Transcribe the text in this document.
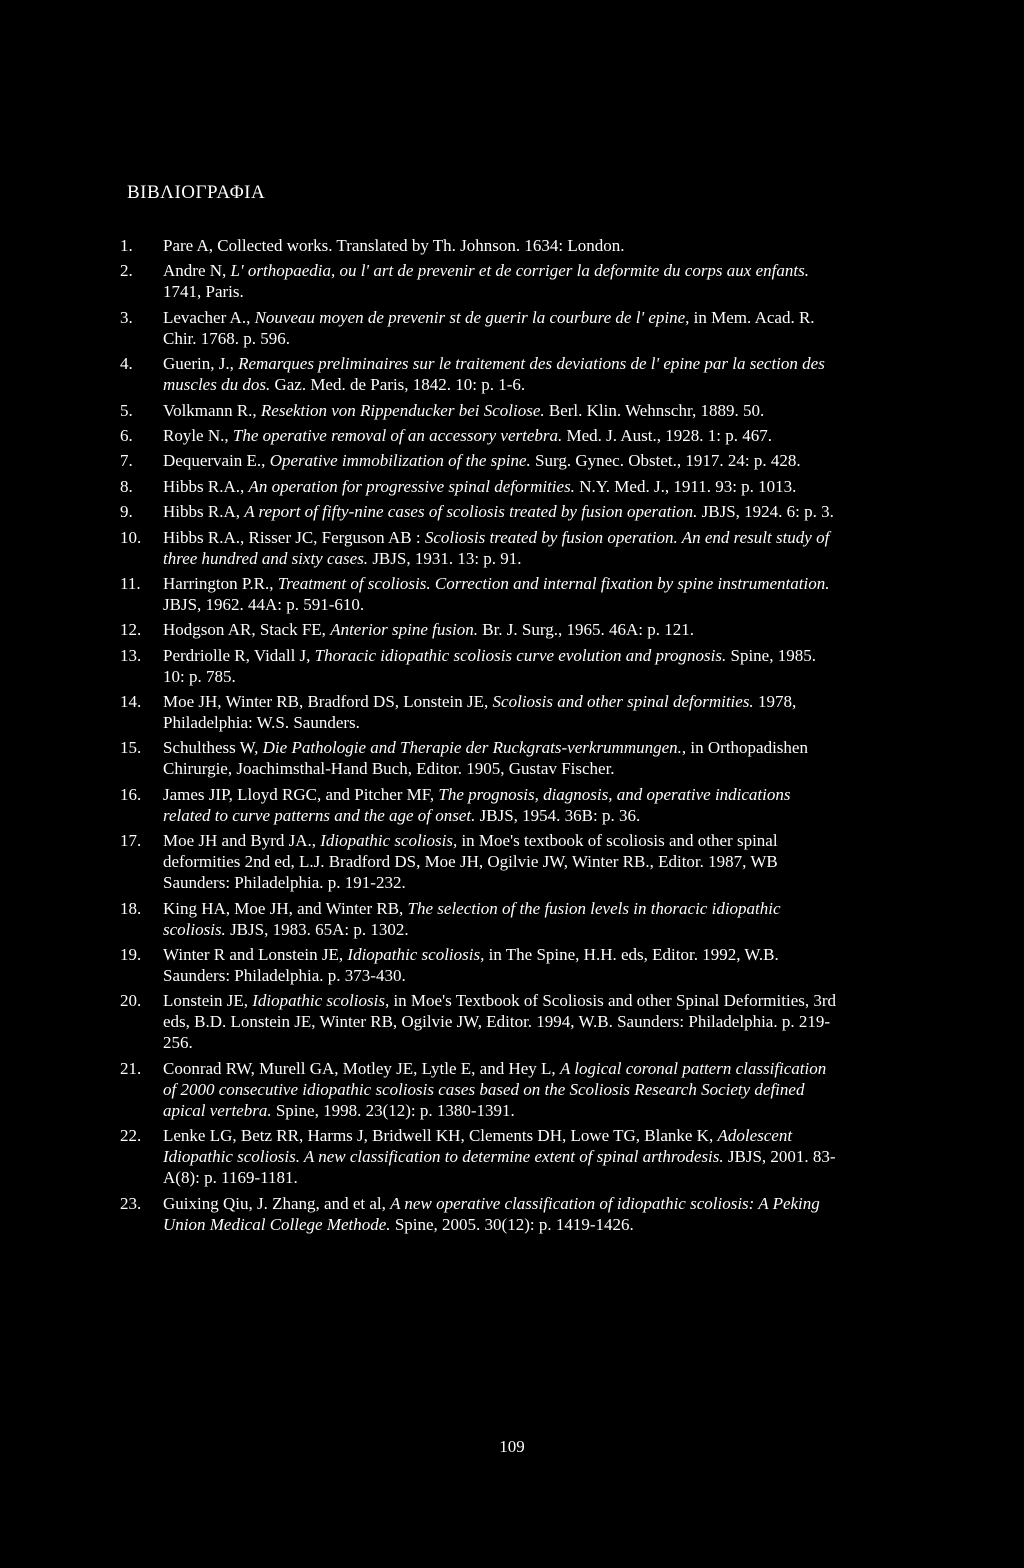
ΒΙΒΛΙΟΓΡΑΦΙΑ
1.	Pare A, Collected works. Translated by Th. Johnson. 1634: London.
2.	Andre N, L' orthopaedia, ou l' art de prevenir et de corriger la deformite du corps aux enfants. 1741, Paris.
3.	Levacher A., Nouveau moyen de prevenir st de guerir la courbure de l' epine, in Mem. Acad. R. Chir. 1768. p. 596.
4.	Guerin, J., Remarques preliminaires sur le traitement des deviations de l' epine par la section des muscles du dos. Gaz. Med. de Paris, 1842. 10: p. 1-6.
5.	Volkmann R., Resektion von Rippenducker bei Scoliose. Berl. Klin. Wehnschr, 1889. 50.
6.	Royle N., The operative removal of an accessory vertebra. Med. J. Aust., 1928. 1: p. 467.
7.	Dequervain E., Operative immobilization of the spine. Surg. Gynec. Obstet., 1917. 24: p. 428.
8.	Hibbs R.A., An operation for progressive spinal deformities. N.Y. Med. J., 1911. 93: p. 1013.
9.	Hibbs R.A, A report of fifty-nine cases of scoliosis treated by fusion operation. JBJS, 1924. 6: p. 3.
10.	Hibbs R.A., Risser JC, Ferguson AB : Scoliosis treated by fusion operation. An end result study of three hundred and sixty cases. JBJS, 1931. 13: p. 91.
11.	Harrington P.R., Treatment of scoliosis. Correction and internal fixation by spine instrumentation. JBJS, 1962. 44A: p. 591-610.
12.	Hodgson AR, Stack FE, Anterior spine fusion. Br. J. Surg., 1965. 46A: p. 121.
13.	Perdriolle R, Vidall J, Thoracic idiopathic scoliosis curve evolution and prognosis. Spine, 1985. 10: p. 785.
14.	Moe JH, Winter RB, Bradford DS, Lonstein JE, Scoliosis and other spinal deformities. 1978, Philadelphia: W.S. Saunders.
15.	Schulthess W, Die Pathologie and Therapie der Ruckgrats-verkrummungen., in Orthopadishen Chirurgie, Joachimsthal-Hand Buch, Editor. 1905, Gustav Fischer.
16.	James JIP, Lloyd RGC, and Pitcher MF, The prognosis, diagnosis, and operative indications related to curve patterns and the age of onset. JBJS, 1954. 36B: p. 36.
17.	Moe JH and Byrd JA., Idiopathic scoliosis, in Moe's textbook of scoliosis and other spinal deformities 2nd ed, L.J. Bradford DS, Moe JH, Ogilvie JW, Winter RB., Editor. 1987, WB Saunders: Philadelphia. p. 191-232.
18.	King HA, Moe JH, and Winter RB, The selection of the fusion levels in thoracic idiopathic scoliosis. JBJS, 1983. 65A: p. 1302.
19.	Winter R and Lonstein JE, Idiopathic scoliosis, in The Spine, H.H. eds, Editor. 1992, W.B. Saunders: Philadelphia. p. 373-430.
20.	Lonstein JE, Idiopathic scoliosis, in Moe's Textbook of Scoliosis and other Spinal Deformities, 3rd eds, B.D. Lonstein JE, Winter RB, Ogilvie JW, Editor. 1994, W.B. Saunders: Philadelphia. p. 219-256.
21.	Coonrad RW, Murell GA, Motley JE, Lytle E, and Hey L, A logical coronal pattern classification of 2000 consecutive idiopathic scoliosis cases based on the Scoliosis Research Society defined apical vertebra. Spine, 1998. 23(12): p. 1380-1391.
22.	Lenke LG, Betz RR, Harms J, Bridwell KH, Clements DH, Lowe TG, Blanke K, Adolescent Idiopathic scoliosis. A new classification to determine extent of spinal arthrodesis. JBJS, 2001. 83-A(8): p. 1169-1181.
23.	Guixing Qiu, J. Zhang, and et al, A new operative classification of idiopathic scoliosis: A Peking Union Medical College Methode. Spine, 2005. 30(12): p. 1419-1426.
109
